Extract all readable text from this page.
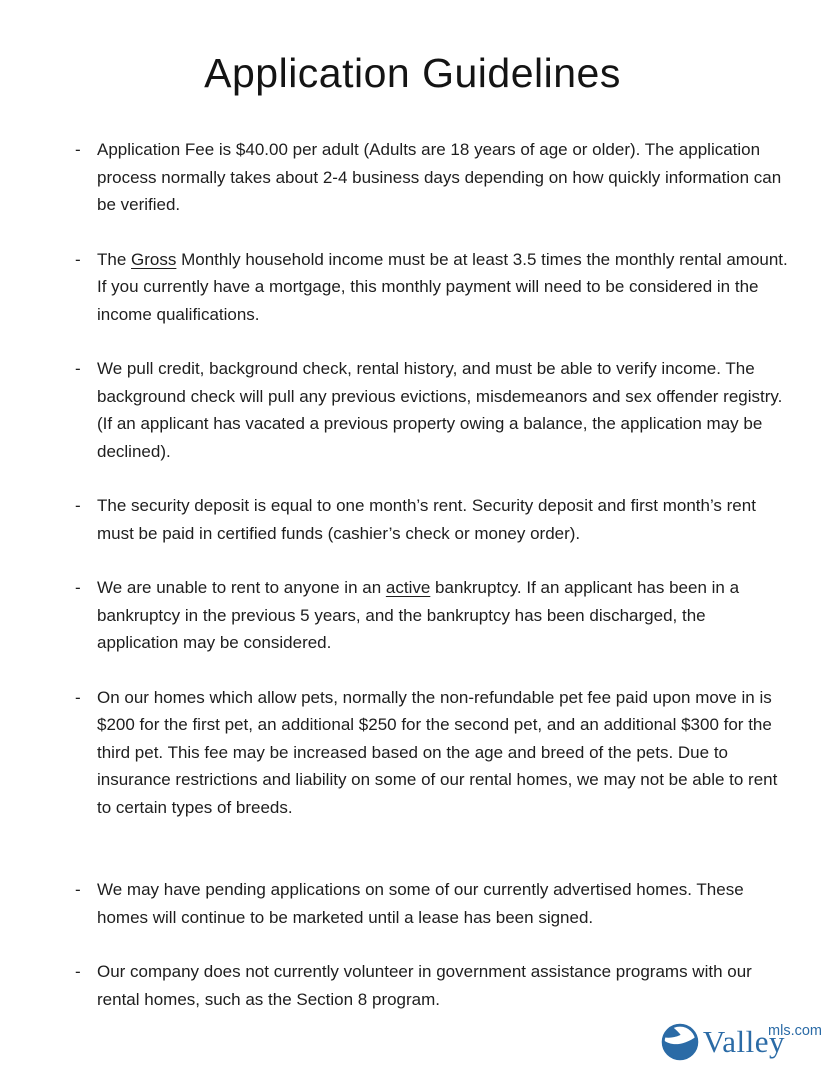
Application Guidelines
- Application Fee is $40.00 per adult (Adults are 18 years of age or older). The application process normally takes about 2-4 business days depending on how quickly information can be verified.
- The Gross Monthly household income must be at least 3.5 times the monthly rental amount. If you currently have a mortgage, this monthly payment will need to be considered in the income qualifications.
- We pull credit, background check, rental history, and must be able to verify income. The background check will pull any previous evictions, misdemeanors and sex offender registry. (If an applicant has vacated a previous property owing a balance, the application may be declined).
- The security deposit is equal to one month’s rent. Security deposit and first month’s rent must be paid in certified funds (cashier’s check or money order).
- We are unable to rent to anyone in an active bankruptcy. If an applicant has been in a bankruptcy in the previous 5 years, and the bankruptcy has been discharged, the application may be considered.
- On our homes which allow pets, normally the non-refundable pet fee paid upon move in is $200 for the first pet, an additional $250 for the second pet, and an additional $300 for the third pet. This fee may be increased based on the age and breed of the pets. Due to insurance restrictions and liability on some of our rental homes, we may not be able to rent to certain types of breeds.
- We may have pending applications on some of our currently advertised homes. These homes will continue to be marketed until a lease has been signed.
- Our company does not currently volunteer in government assistance programs with our rental homes, such as the Section 8 program.
Valley
mls.com
